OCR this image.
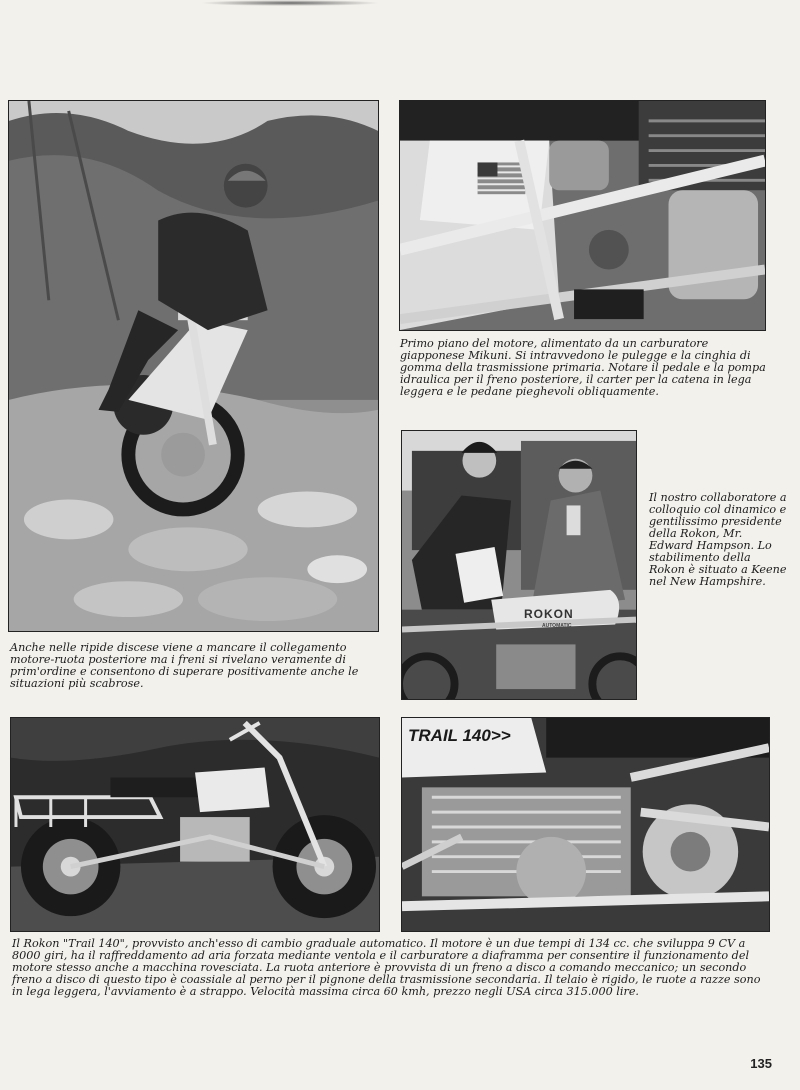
Anche nelle ripide discese viene a mancare il collegamento motore-ruota posteriore ma i freni si rivelano veramente di prim'ordine e consentono di superare positivamente anche le situazioni più scabrose.

Primo piano del motore, alimentato da un carburatore giapponese Mikuni. Si intravvedono le pulegge e la cinghia di gomma della trasmissione primaria. Notare il pedale e la pompa idraulica per il freno posteriore, il carter per la catena in lega leggera e le pedane pieghevoli obliquamente.

ROKON
AUTOMATIC

Il nostro collaboratore a colloquio col dinamico e gentilissimo presidente della Rokon, Mr. Edward Hampson. Lo stabilimento della Rokon è situato a Keene nel New Hampshire.

TRAIL 140>>

Il Rokon "Trail 140", provvisto anch'esso di cambio graduale automatico. Il motore è un due tempi di 134 cc. che sviluppa 9 CV a 8000 giri, ha il raffreddamento ad aria forzata mediante ventola e il carburatore a diaframma per consentire il funzionamento del motore stesso anche a macchina rovesciata. La ruota anteriore è provvista di un freno a disco a comando meccanico; un secondo freno a disco di questo tipo è coassiale al perno per il pignone della trasmissione secondaria. Il telaio è rigido, le ruote a razze sono in lega leggera, l'avviamento è a strappo. Velocità massima circa 60 kmh, prezzo negli USA circa 315.000 lire.

135
